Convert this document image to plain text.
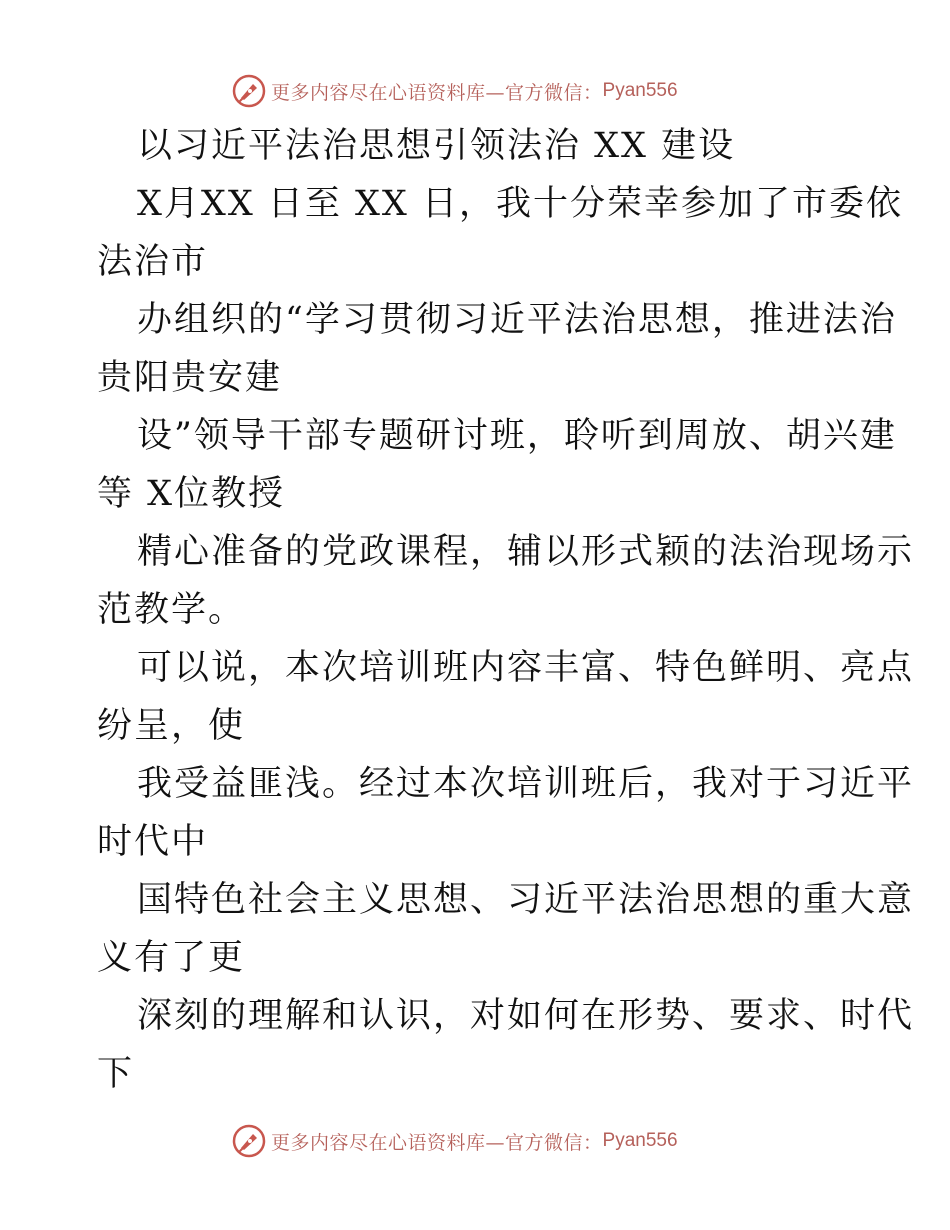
更多内容尽在心语资料库—官方微信： Pyan556
以习近平法治思想引领法治 XX 建设
X月XX 日至 XX 日，我十分荣幸参加了市委依
法治市
办组织的“学习贯彻习近平法治思想，推进法治
贵阳贵安建
设”领导干部专题研讨班，聆听到周放、胡兴建
等 X位教授
精心准备的党政课程，辅以形式颖的法治现场示
范教学。
可以说，本次培训班内容丰富、特色鲜明、亮点
纷呈，使
我受益匪浅。经过本次培训班后，我对于习近平
时代中
国特色社会主义思想、习近平法治思想的重大意
义有了更
深刻的理解和认识，对如何在形势、要求、时代
下
更多内容尽在心语资料库—官方微信： Pyan556
